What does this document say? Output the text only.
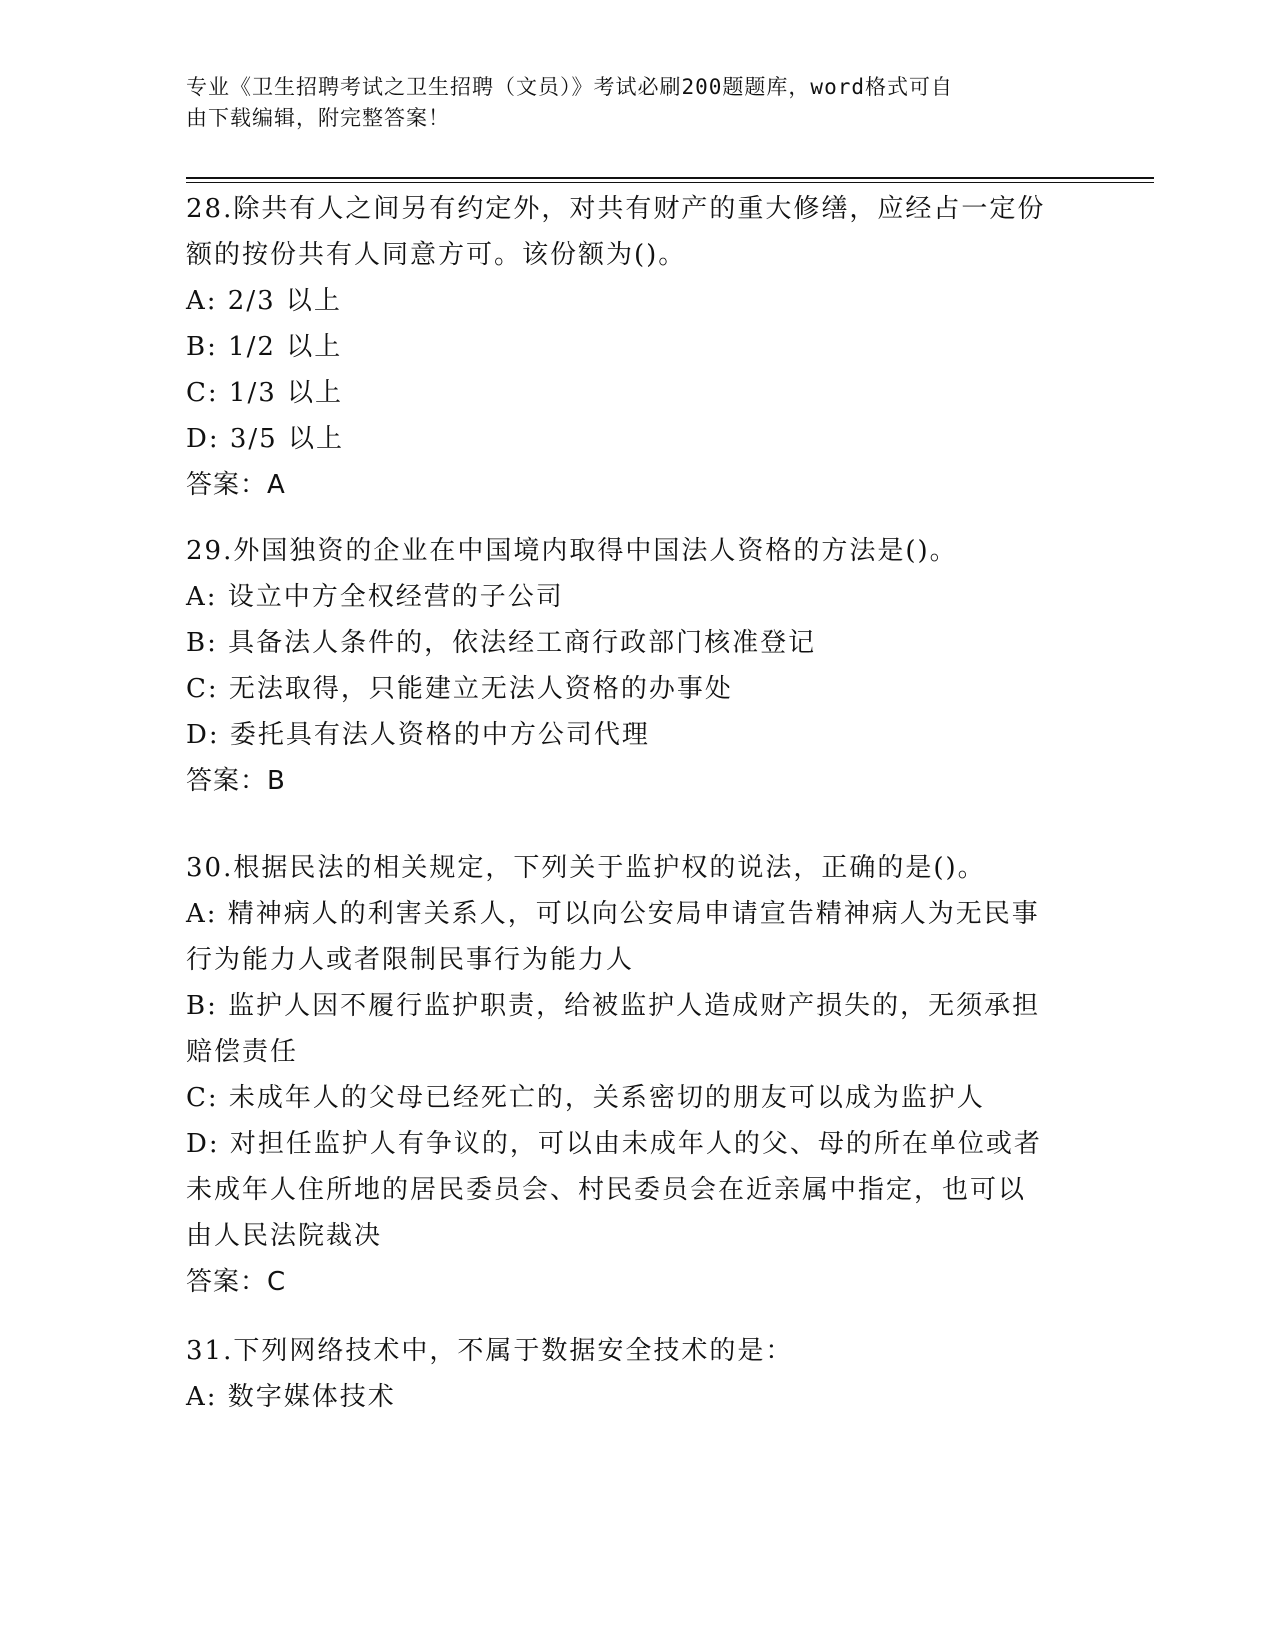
专业《卫生招聘考试之卫生招聘（文员）》考试必刷200题题库，word格式可自
由下载编辑，附完整答案！
28.除共有人之间另有约定外，对共有财产的重大修缮，应经占一定份
额的按份共有人同意方可。该份额为()。
A: 2/3 以上
B: 1/2 以上
C: 1/3 以上
D: 3/5 以上
答案：A
29.外国独资的企业在中国境内取得中国法人资格的方法是()。
A: 设立中方全权经营的子公司
B: 具备法人条件的，依法经工商行政部门核准登记
C: 无法取得，只能建立无法人资格的办事处
D: 委托具有法人资格的中方公司代理
答案：B
30.根据民法的相关规定，下列关于监护权的说法，正确的是()。
A: 精神病人的利害关系人，可以向公安局申请宣告精神病人为无民事
行为能力人或者限制民事行为能力人
B: 监护人因不履行监护职责，给被监护人造成财产损失的，无须承担
赔偿责任
C: 未成年人的父母已经死亡的，关系密切的朋友可以成为监护人
D: 对担任监护人有争议的，可以由未成年人的父、母的所在单位或者
未成年人住所地的居民委员会、村民委员会在近亲属中指定，也可以
由人民法院裁决
答案：C
31.下列网络技术中，不属于数据安全技术的是：
A: 数字媒体技术
